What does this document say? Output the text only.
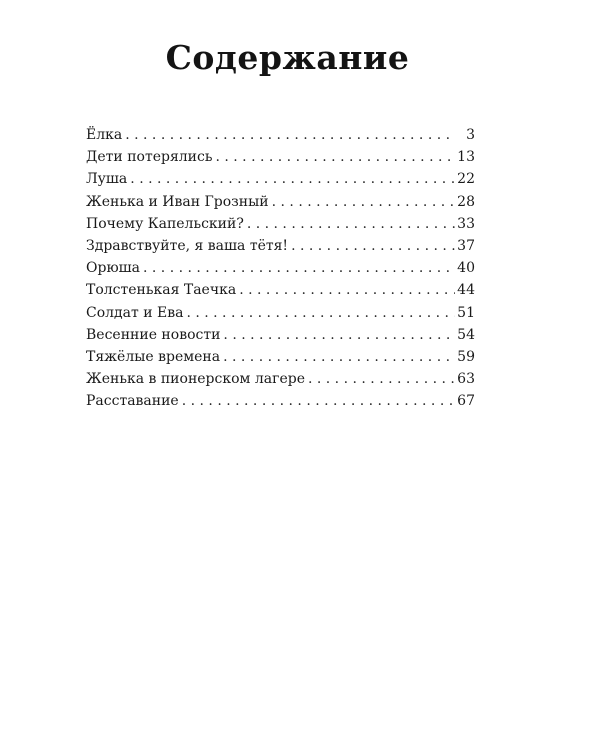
Содержание
Ёлка . . .	3
Дети потерялись . . .	13
Луша . . .	22
Женька и Иван Грозный . . .	28
Почему Капельский? . . .	33
Здравствуйте, я ваша тётя! . . .	37
Орюша . . .	40
Толстенькая Таечка . . .	44
Солдат и Ева . . .	51
Весенние новости . . .	54
Тяжёлые времена . . .	59
Женька в пионерском лагере . . .	63
Расставание . . .	67
